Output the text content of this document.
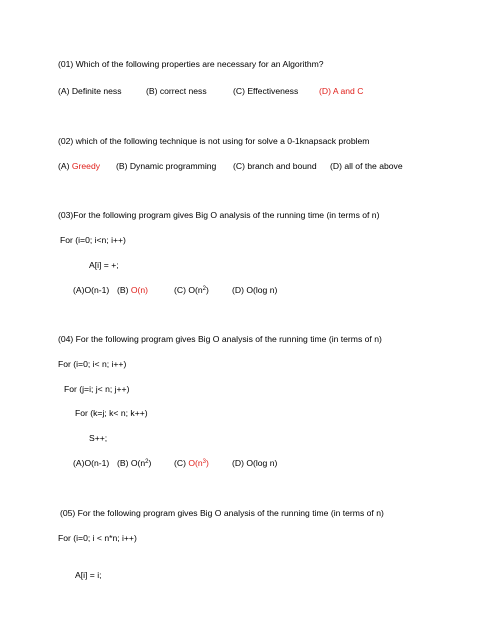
(01) Which of the following properties are necessary for an Algorithm?
(A) Definite ness	(B) correct ness	(C) Effectiveness (D) A and C
(02) which of the following technique is not using for solve a 0-1knapsack problem
(A) Greedy (B) Dynamic programming (C) branch and bound (D) all of the above
(03)For the following program gives Big O analysis of the running time (in terms of n)
For (i=0; i<n; i++)
A[i] = +;
(A)O(n-1) (B) O(n)	(C) $O(n^2)$	(D) O(log n)
(04) For the following program gives Big O analysis of the running time (in terms of n)
For (i=0; i< n; i++)
For (j=i; j< n; j++)
For (k=j; k< n; k++)
S++;
(A)O(n-1) (B) $O(n^2)$	(C) $O(n^3)$	(D) O(log n)
(05) For the following program gives Big O analysis of the running time (in terms of n)
For (i=0; i < n*n; i++)
A[i] = i;
